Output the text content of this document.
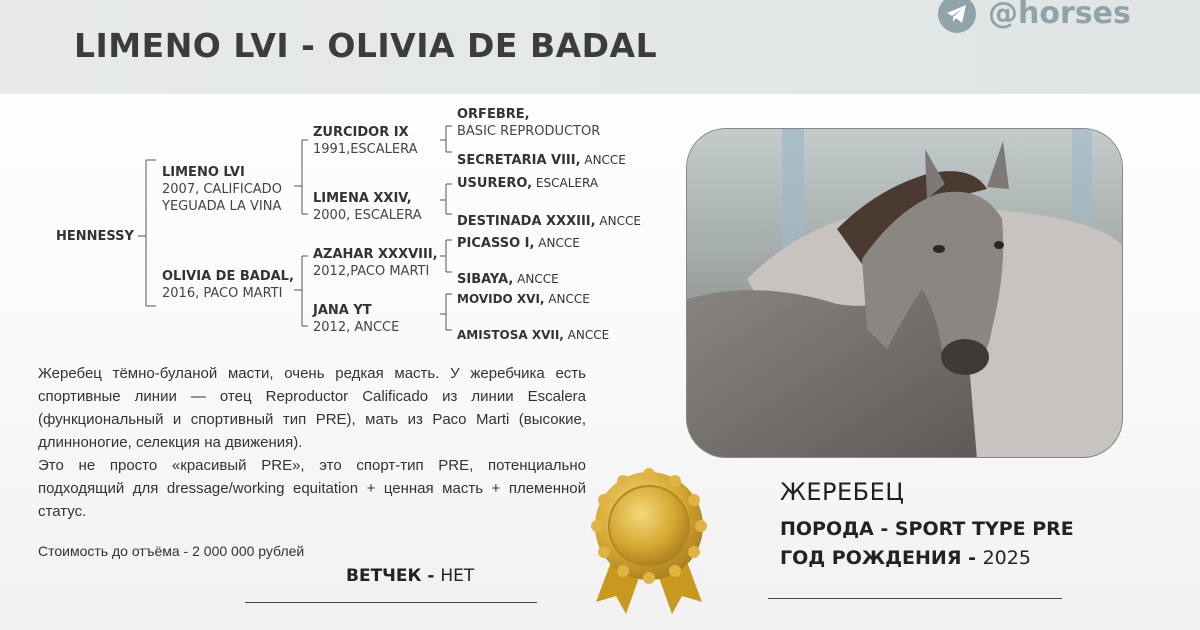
LIMENO LVI - OLIVIA DE BADAL
@horses
HENNESSY
LIMENO LVI
2007, CALIFICADO
YEGUADA LA VINA
OLIVIA DE BADAL,
2016, PACO MARTI
ZURCIDOR IX
1991,ESCALERA
LIMENA XXIV,
2000, ESCALERA
AZAHAR XXXVIII,
2012,PACO MARTI
JANA YT
2012, ANCCE
ORFEBRE,
BASIC REPRODUCTOR
SECRETARIA VIII, ANCCE
USURERO, ESCALERA
DESTINADA XXXIII, ANCCE
PICASSO I, ANCCE
SIBAYA, ANCCE
MOVIDO XVI, ANCCE
AMISTOSA XVII, ANCCE

Жеребец тёмно-буланой масти, очень редкая масть. У жеребчика есть спортивные линии — отец Reproductor Calificado из линии Escalera (функциональный и спортивный тип PRE), мать из Paco Marti (высокие, длинноногие, селекция на движения).

Это не просто «красивый PRE», это спорт-тип PRE, потенциально подходящий для dressage/working equitation + ценная масть + племенной статус.

Стоимость до отъёма - 2 000 000 рублей
ВЕТЧЕК - НЕТ
ЖЕРЕБЕЦ
ПОРОДА - SPORT TYPE PRE
ГОД РОЖДЕНИЯ - 2025
